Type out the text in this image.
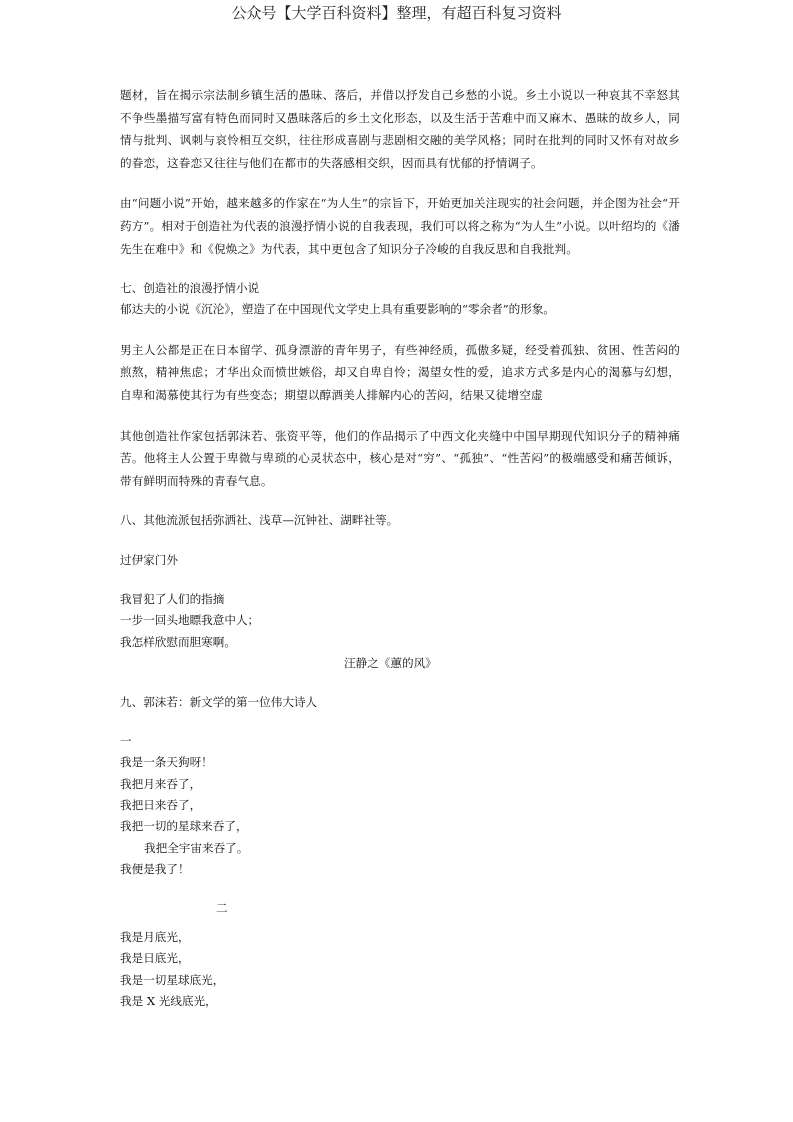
公众号【大学百科资料】整理，有超百科复习资料

题材，旨在揭示宗法制乡镇生活的愚昧、落后，并借以抒发自己乡愁的小说。乡土小说以一种哀其不幸怒其不争些墨描写富有特色而同时又愚昧落后的乡土文化形态，以及生活于苦难中而又麻木、愚昧的故乡人，同情与批判、讽刺与哀怜相互交织，往往形成喜剧与悲剧相交融的美学风格；同时在批判的同时又怀有对故乡的眷恋，这眷恋又往往与他们在都市的失落感相交织，因而具有忧郁的抒情调子。

由“问题小说”开始，越来越多的作家在“为人生”的宗旨下，开始更加关注现实的社会问题，并企图为社会“开药方”。相对于创造社为代表的浪漫抒情小说的自我表现，我们可以将之称为“为人生”小说。以叶绍均的《潘先生在难中》和《倪焕之》为代表，其中更包含了知识分子冷峻的自我反思和自我批判。

七、创造社的浪漫抒情小说

郁达夫的小说《沉沦》，塑造了在中国现代文学史上具有重要影响的“零余者”的形象。

男主人公都是正在日本留学、孤身漂游的青年男子，有些神经质，孤傲多疑，经受着孤独、贫困、性苦闷的煎熬，精神焦虑；才华出众而愤世嫉俗，却又自卑自怜；渴望女性的爱，追求方式多是内心的渴慕与幻想，自卑和渴慕使其行为有些变态；期望以醇酒美人排解内心的苦闷，结果又徒增空虚

其他创造社作家包括郭沫若、张资平等，他们的作品揭示了中西文化夹缝中中国早期现代知识分子的精神痛苦。他将主人公置于卑微与卑琐的心灵状态中，核心是对“穷”、“孤独”、“性苦闷”的极端感受和痛苦倾诉，带有鲜明而特殊的青春气息。

八、其他流派包括弥洒社、浅草—沉钟社、湖畔社等。

过伊家门外

我冒犯了人们的指摘

一步一回头地瞟我意中人；

我怎样欣慰而胆寒啊。

汪静之《蕙的风》

九、郭沫若：新文学的第一位伟大诗人

一

我是一条天狗呀！

我把月来吞了，

我把日来吞了，

我把一切的星球来吞了，

我把全宇宙来吞了。

我便是我了！

二

我是月底光，

我是日底光，

我是一切星球底光，

我是 X 光线底光，
